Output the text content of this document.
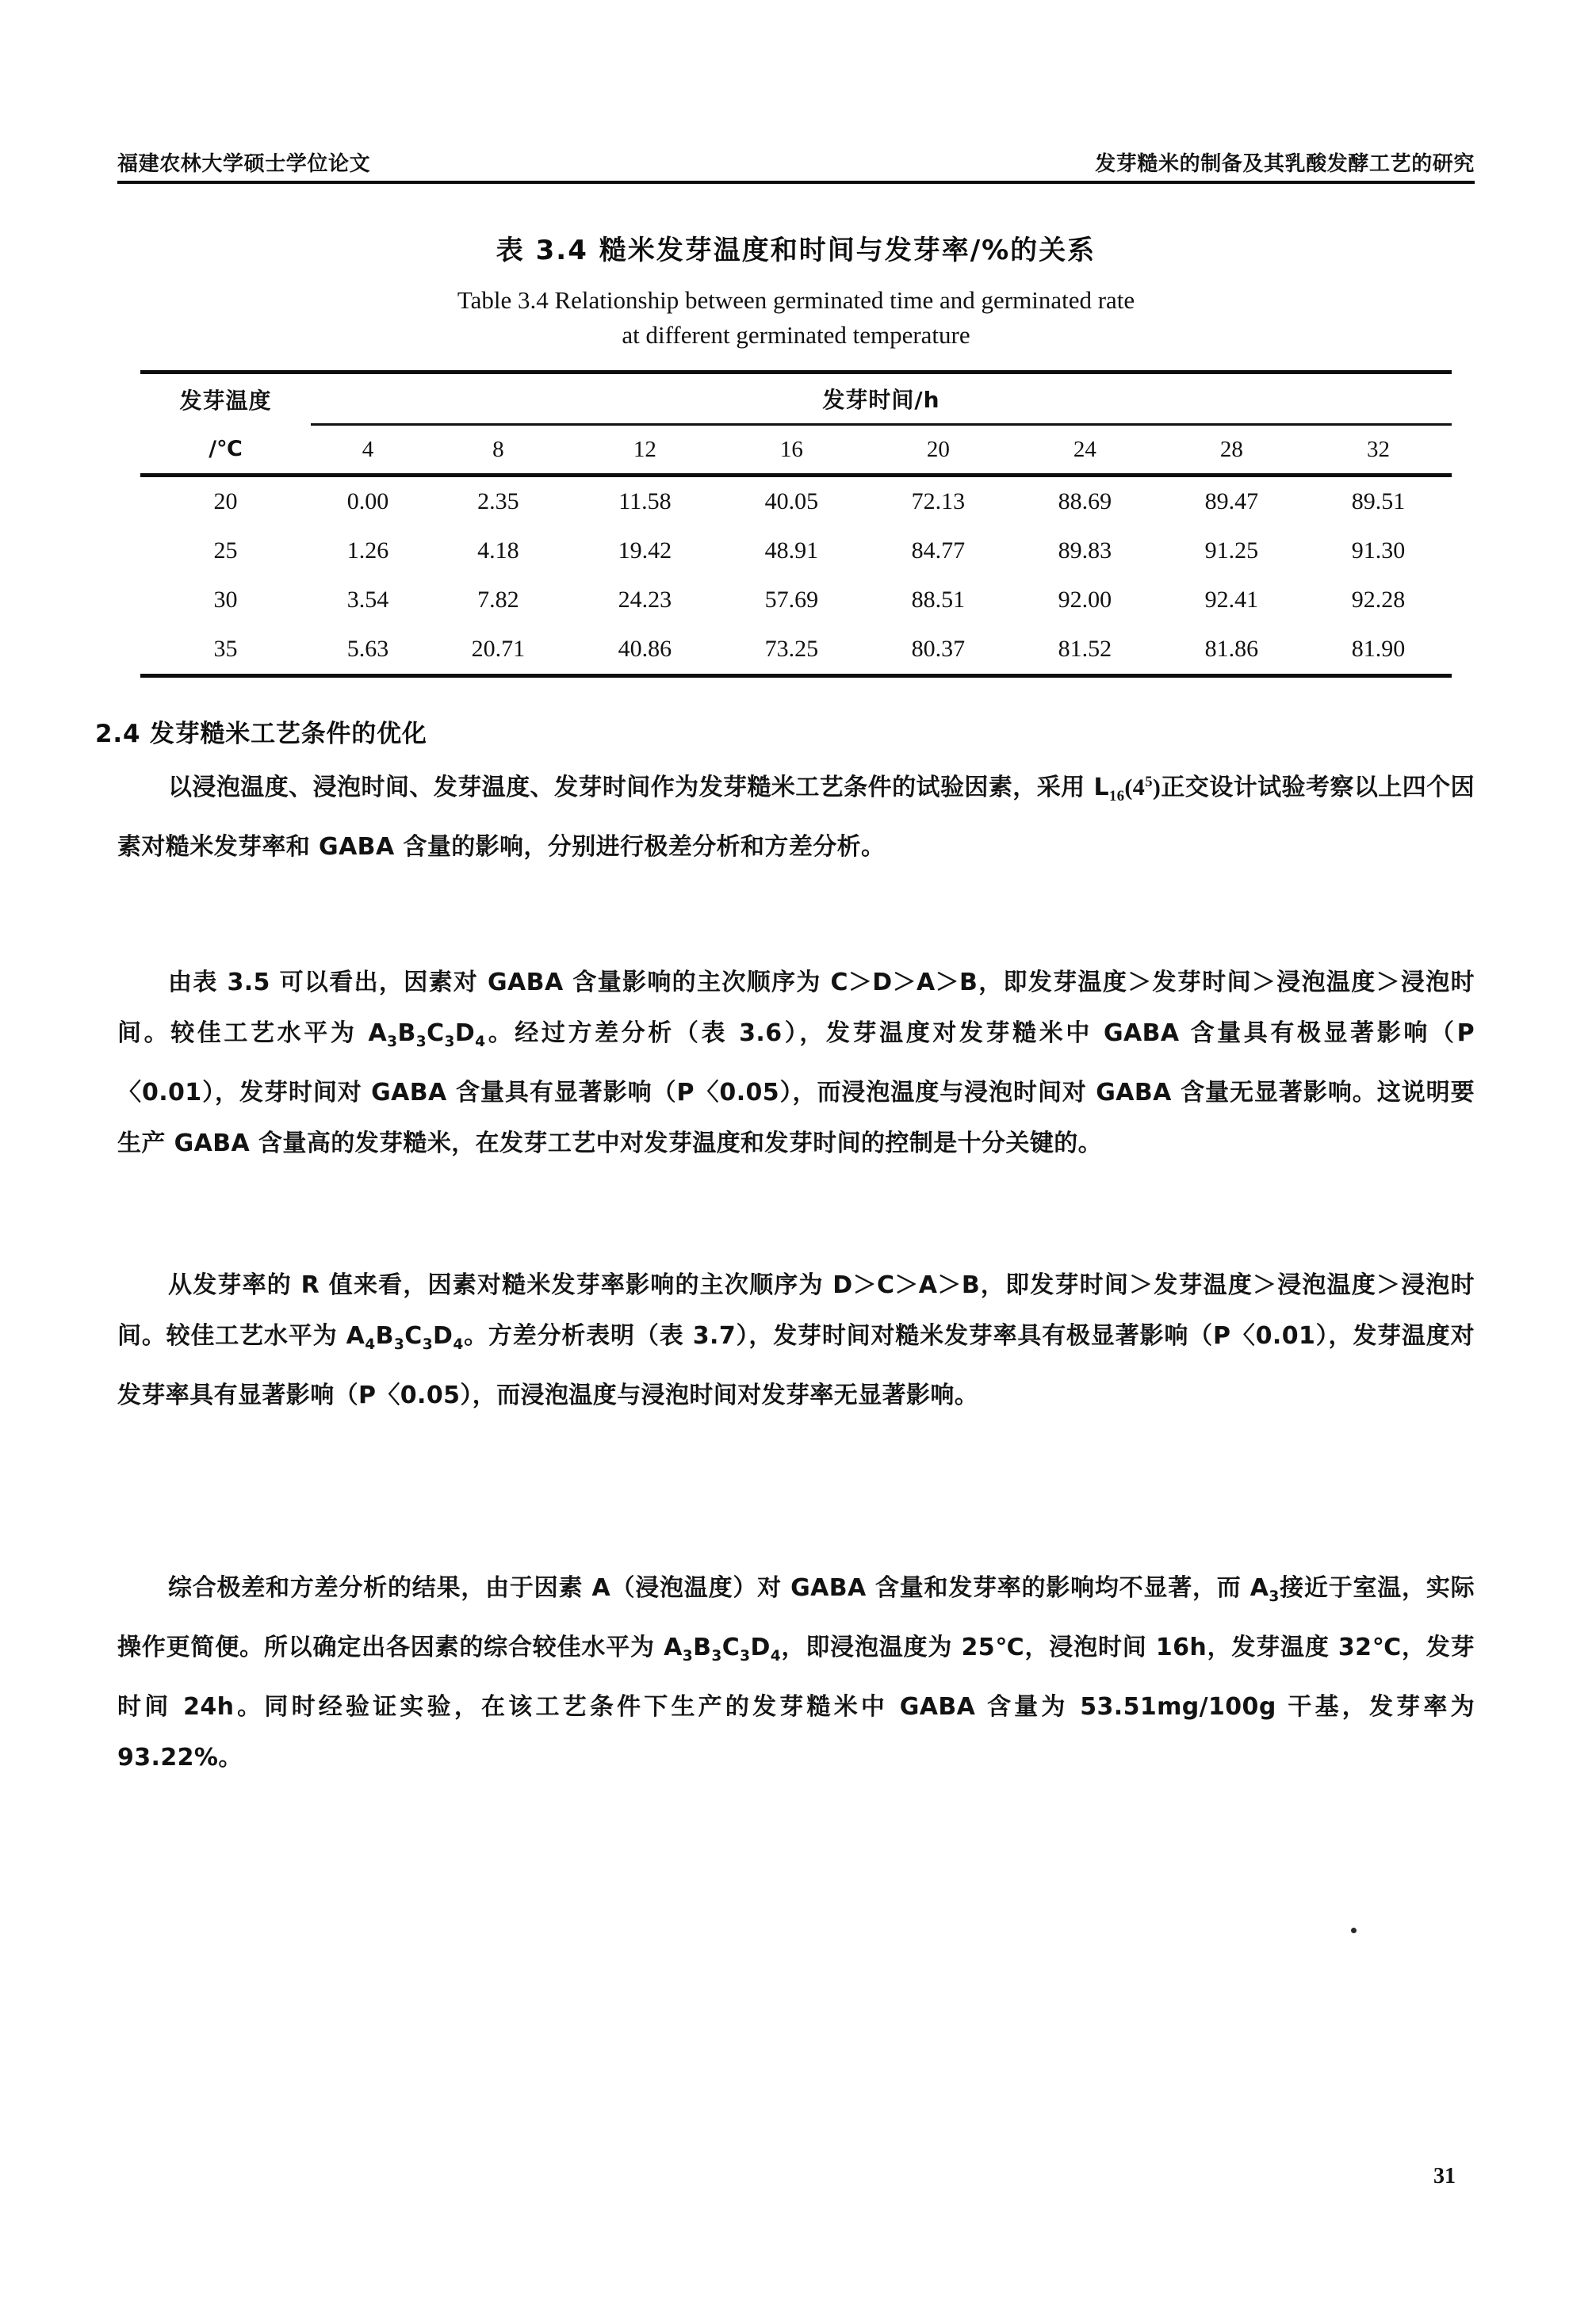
福建农林大学硕士学位论文	发芽糙米的制备及其乳酸发酵工艺的研究
表 3.4 糙米发芽温度和时间与发芽率/%的关系
Table 3.4 Relationship between germinated time and germinated rate
at different germinated temperature
发芽温度	发芽时间/h							
/℃	4	8	12	16	20	24	28	32
20	0.00	2.35	11.58	40.05	72.13	88.69	89.47	89.51
25	1.26	4.18	19.42	48.91	84.77	89.83	91.25	91.30
30	3.54	7.82	24.23	57.69	88.51	92.00	92.41	92.28
35	5.63	20.71	40.86	73.25	80.37	81.52	81.86	81.90
2.4 发芽糙米工艺条件的优化

以浸泡温度、浸泡时间、发芽温度、发芽时间作为发芽糙米工艺条件的试验因素，采用 $L_{16}(4^5)$正交设计试验考察以上四个因素对糙米发芽率和 GABA 含量的影响，分别进行极差分析和方差分析。

由表 3.5 可以看出，因素对 GABA 含量影响的主次顺序为 C＞D＞A＞B，即发芽温度＞发芽时间＞浸泡温度＞浸泡时间。较佳工艺水平为 $A_3B_3C_3D_4$。经过方差分析（表 3.6），发芽温度对发芽糙米中 GABA 含量具有极显著影响（P〈0.01），发芽时间对 GABA 含量具有显著影响（P〈0.05），而浸泡温度与浸泡时间对 GABA 含量无显著影响。这说明要生产 GABA 含量高的发芽糙米，在发芽工艺中对发芽温度和发芽时间的控制是十分关键的。

从发芽率的 R 值来看，因素对糙米发芽率影响的主次顺序为 D＞C＞A＞B，即发芽时间＞发芽温度＞浸泡温度＞浸泡时间。较佳工艺水平为 $A_4B_3C_3D_4$。方差分析表明（表 3.7），发芽时间对糙米发芽率具有极显著影响（P〈0.01），发芽温度对发芽率具有显著影响（P〈0.05），而浸泡温度与浸泡时间对发芽率无显著影响。

综合极差和方差分析的结果，由于因素 A（浸泡温度）对 GABA 含量和发芽率的影响均不显著，而 $A_3$接近于室温，实际操作更简便。所以确定出各因素的综合较佳水平为 $A_3B_3C_3D_4$，即浸泡温度为 25℃，浸泡时间 16h，发芽温度 32℃，发芽时间 24h。同时经验证实验，在该工艺条件下生产的发芽糙米中 GABA 含量为 53.51mg/100g 干基，发芽率为 93.22%。

31
